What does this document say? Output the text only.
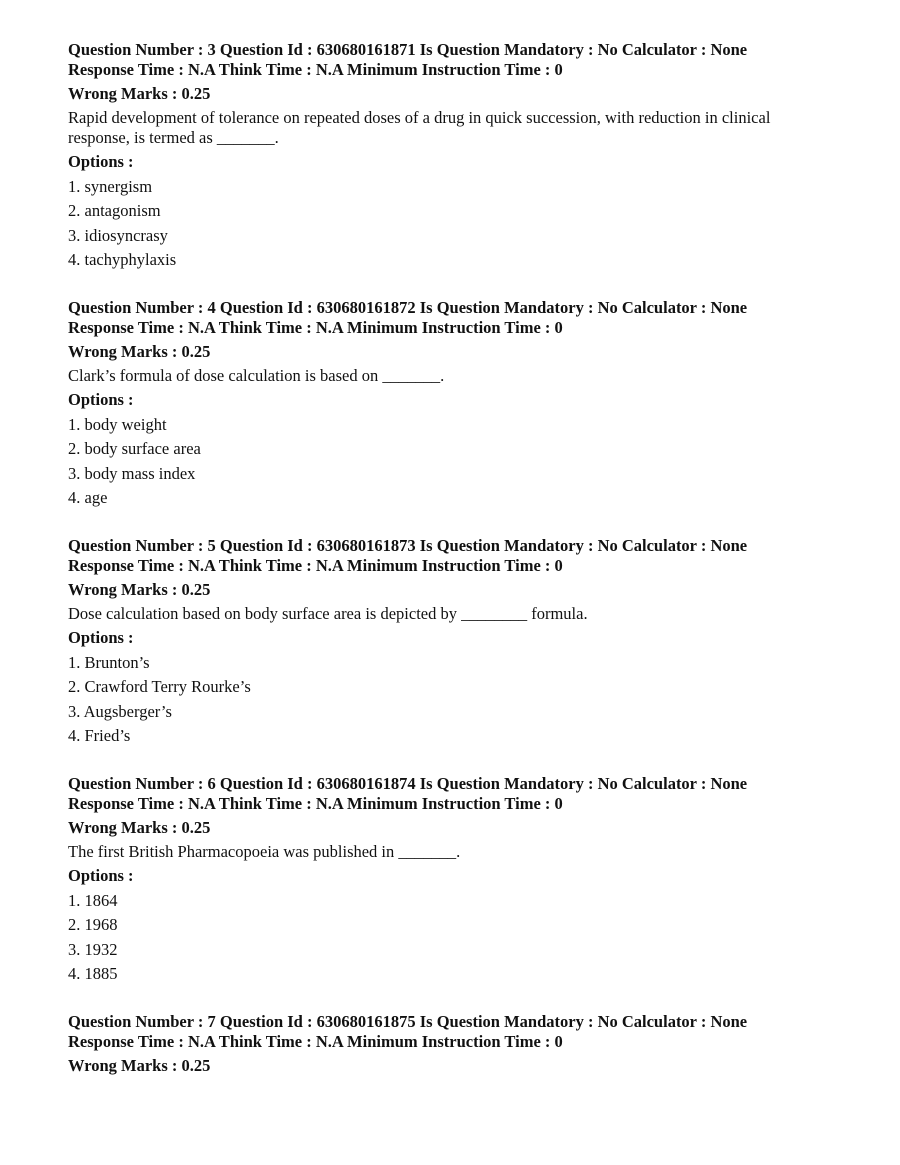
Question Number : 3 Question Id : 630680161871 Is Question Mandatory : No Calculator : None
Response Time : N.A Think Time : N.A Minimum Instruction Time : 0
Wrong Marks : 0.25
Rapid development of tolerance on repeated doses of a drug in quick succession, with reduction in clinical
response, is termed as _______.
Options :
1. synergism
2. antagonism
3. idiosyncrasy
4. tachyphylaxis
Question Number : 4 Question Id : 630680161872 Is Question Mandatory : No Calculator : None
Response Time : N.A Think Time : N.A Minimum Instruction Time : 0
Wrong Marks : 0.25
Clark’s formula of dose calculation is based on _______.
Options :
1. body weight
2. body surface area
3. body mass index
4. age
Question Number : 5 Question Id : 630680161873 Is Question Mandatory : No Calculator : None
Response Time : N.A Think Time : N.A Minimum Instruction Time : 0
Wrong Marks : 0.25
Dose calculation based on body surface area is depicted by ________ formula.
Options :
1. Brunton’s
2. Crawford Terry Rourke’s
3. Augsberger’s
4. Fried’s
Question Number : 6 Question Id : 630680161874 Is Question Mandatory : No Calculator : None
Response Time : N.A Think Time : N.A Minimum Instruction Time : 0
Wrong Marks : 0.25
The first British Pharmacopoeia was published in _______.
Options :
1. 1864
2. 1968
3. 1932
4. 1885
Question Number : 7 Question Id : 630680161875 Is Question Mandatory : No Calculator : None
Response Time : N.A Think Time : N.A Minimum Instruction Time : 0
Wrong Marks : 0.25
